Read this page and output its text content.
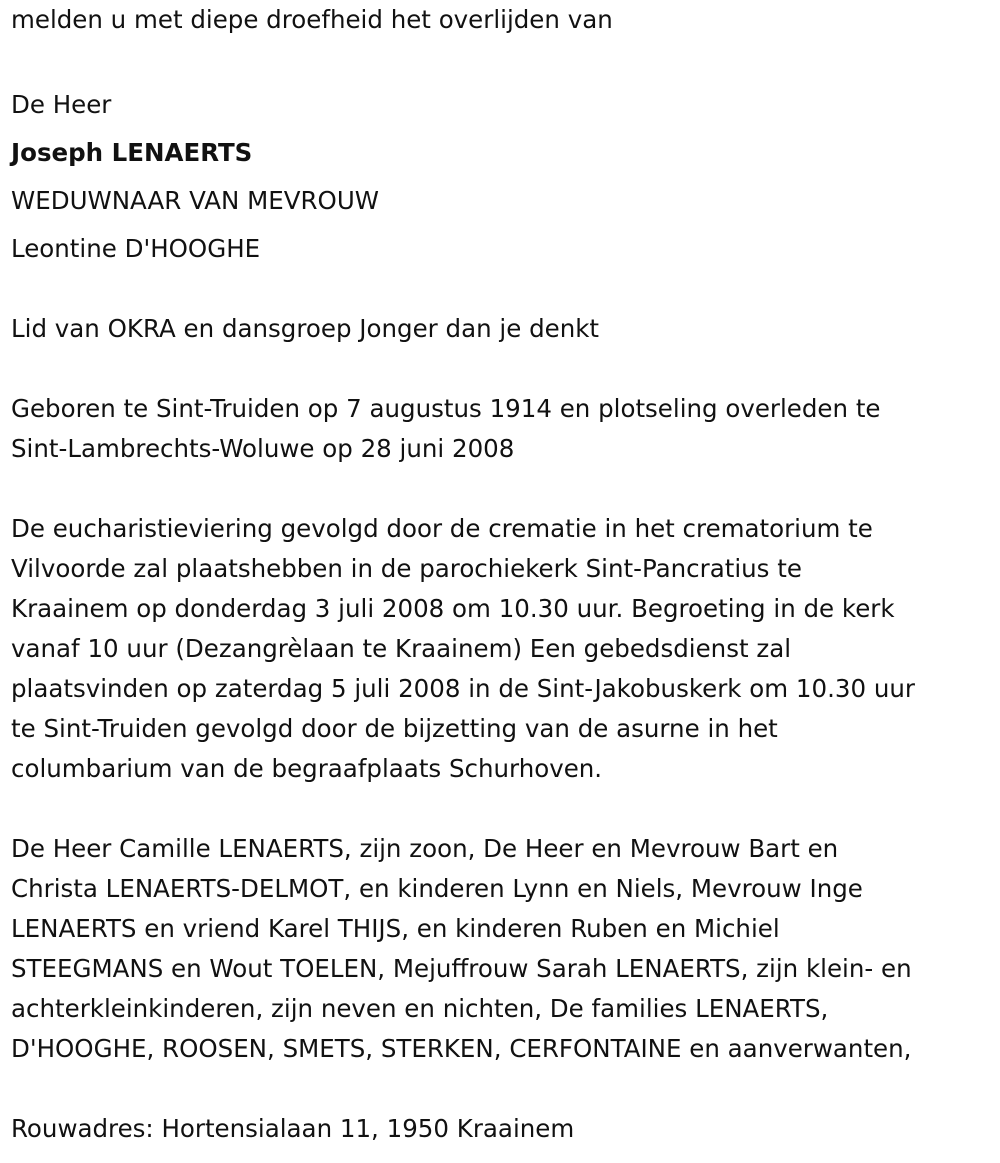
melden u met diepe droefheid het overlijden van

De Heer

Joseph LENAERTS

WEDUWNAAR VAN MEVROUW

Leontine D'HOOGHE

Lid van OKRA en dansgroep Jonger dan je denkt

Geboren te Sint-Truiden op 7 augustus 1914 en plotseling overleden te

Sint-Lambrechts-Woluwe op 28 juni 2008

De eucharistieviering gevolgd door de crematie in het crematorium te

Vilvoorde zal plaatshebben in de parochiekerk Sint-Pancratius te

Kraainem op donderdag 3 juli 2008 om 10.30 uur. Begroeting in de kerk

vanaf 10 uur (Dezangrèlaan te Kraainem) Een gebedsdienst zal

plaatsvinden op zaterdag 5 juli 2008 in de Sint-Jakobuskerk om 10.30 uur

te Sint-Truiden gevolgd door de bijzetting van de asurne in het

columbarium van de begraafplaats Schurhoven.

De Heer Camille LENAERTS, zijn zoon, De Heer en Mevrouw Bart en

Christa LENAERTS-DELMOT, en kinderen Lynn en Niels, Mevrouw Inge

LENAERTS en vriend Karel THIJS, en kinderen Ruben en Michiel

STEEGMANS en Wout TOELEN, Mejuffrouw Sarah LENAERTS, zijn klein- en

achterkleinkinderen, zijn neven en nichten, De families LENAERTS,

D'HOOGHE, ROOSEN, SMETS, STERKEN, CERFONTAINE en aanverwanten,

Rouwadres: Hortensialaan 11, 1950 Kraainem
